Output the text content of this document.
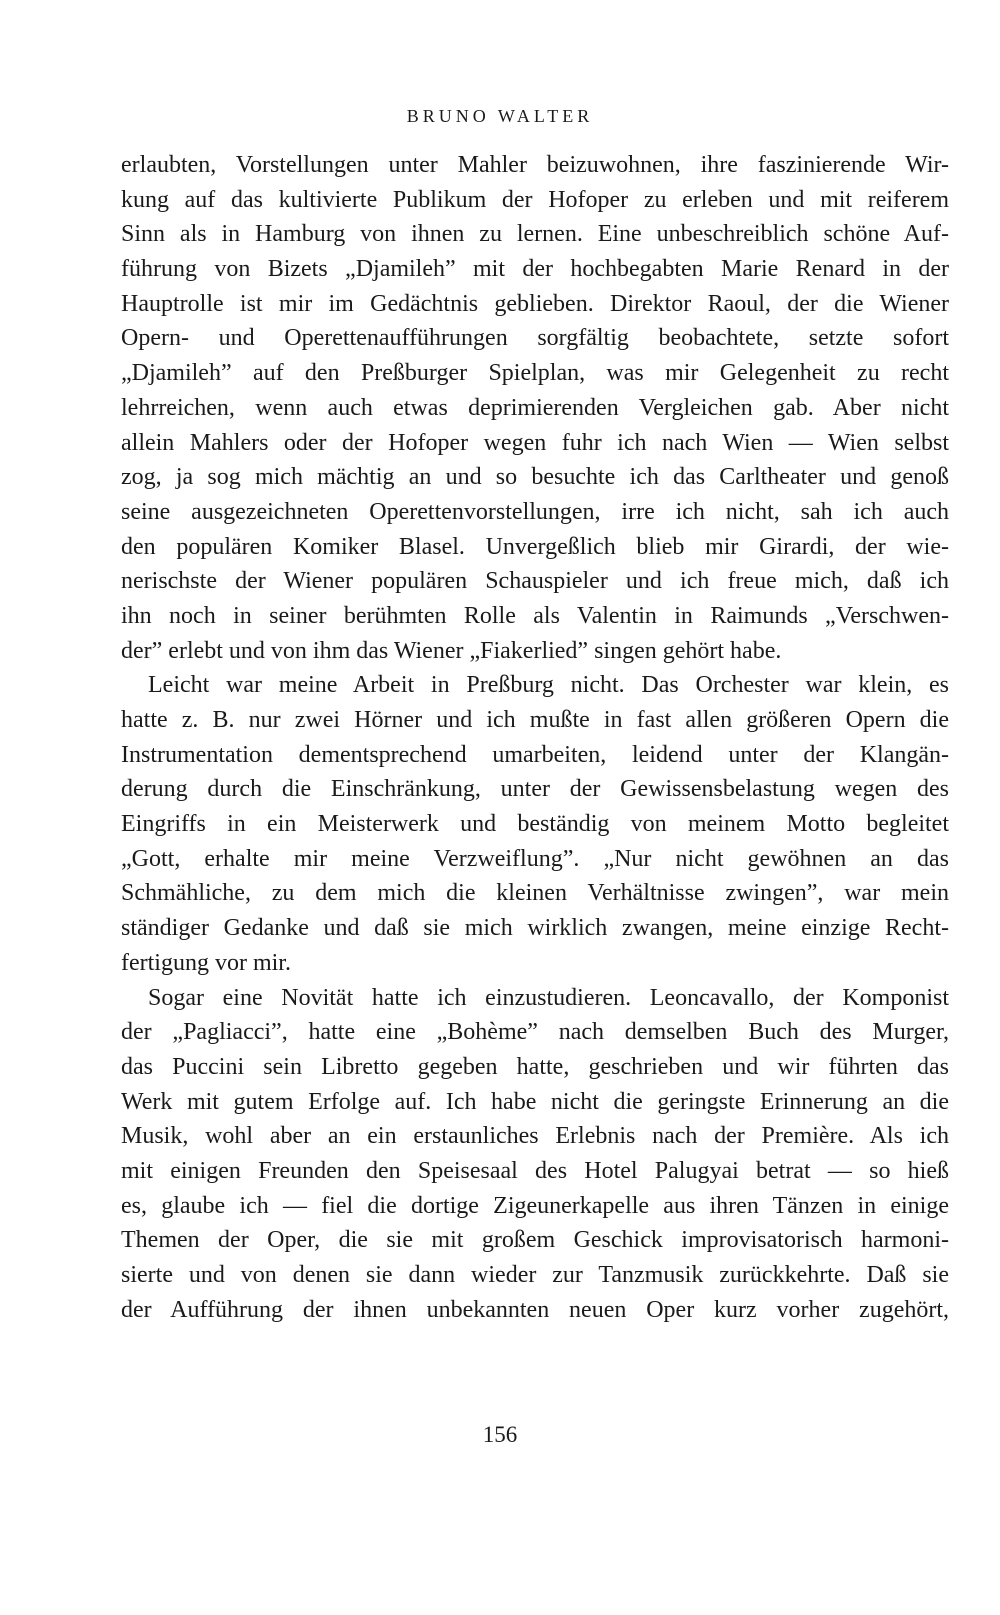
BRUNO WALTER
erlaubten, Vorstellungen unter Mahler beizuwohnen, ihre faszinierende Wir-
kung auf das kultivierte Publikum der Hofoper zu erleben und mit reiferem
Sinn als in Hamburg von ihnen zu lernen. Eine unbeschreiblich schöne Auf-
führung von Bizets „Djamileh” mit der hochbegabten Marie Renard in der
Hauptrolle ist mir im Gedächtnis geblieben. Direktor Raoul, der die Wiener
Opern- und Operettenaufführungen sorgfältig beobachtete, setzte sofort
„Djamileh” auf den Preßburger Spielplan, was mir Gelegenheit zu recht
lehrreichen, wenn auch etwas deprimierenden Vergleichen gab. Aber nicht
allein Mahlers oder der Hofoper wegen fuhr ich nach Wien — Wien selbst
zog, ja sog mich mächtig an und so besuchte ich das Carltheater und genoß
seine ausgezeichneten Operettenvorstellungen, irre ich nicht, sah ich auch
den populären Komiker Blasel. Unvergeßlich blieb mir Girardi, der wie-
nerischste der Wiener populären Schauspieler und ich freue mich, daß ich
ihn noch in seiner berühmten Rolle als Valentin in Raimunds „Verschwen-
der” erlebt und von ihm das Wiener „Fiakerlied” singen gehört habe.
Leicht war meine Arbeit in Preßburg nicht. Das Orchester war klein, es
hatte z. B. nur zwei Hörner und ich mußte in fast allen größeren Opern die
Instrumentation dementsprechend umarbeiten, leidend unter der Klangän-
derung durch die Einschränkung, unter der Gewissensbelastung wegen des
Eingriffs in ein Meisterwerk und beständig von meinem Motto begleitet
„Gott, erhalte mir meine Verzweiflung”. „Nur nicht gewöhnen an das
Schmähliche, zu dem mich die kleinen Verhältnisse zwingen”, war mein
ständiger Gedanke und daß sie mich wirklich zwangen, meine einzige Recht-
fertigung vor mir.
Sogar eine Novität hatte ich einzustudieren. Leoncavallo, der Komponist
der „Pagliacci”, hatte eine „Bohème” nach demselben Buch des Murger,
das Puccini sein Libretto gegeben hatte, geschrieben und wir führten das
Werk mit gutem Erfolge auf. Ich habe nicht die geringste Erinnerung an die
Musik, wohl aber an ein erstaunliches Erlebnis nach der Première. Als ich
mit einigen Freunden den Speisesaal des Hotel Palugyai betrat — so hieß
es, glaube ich — fiel die dortige Zigeunerkapelle aus ihren Tänzen in einige
Themen der Oper, die sie mit großem Geschick improvisatorisch harmoni-
sierte und von denen sie dann wieder zur Tanzmusik zurückkehrte. Daß sie
der Aufführung der ihnen unbekannten neuen Oper kurz vorher zugehört,
156
